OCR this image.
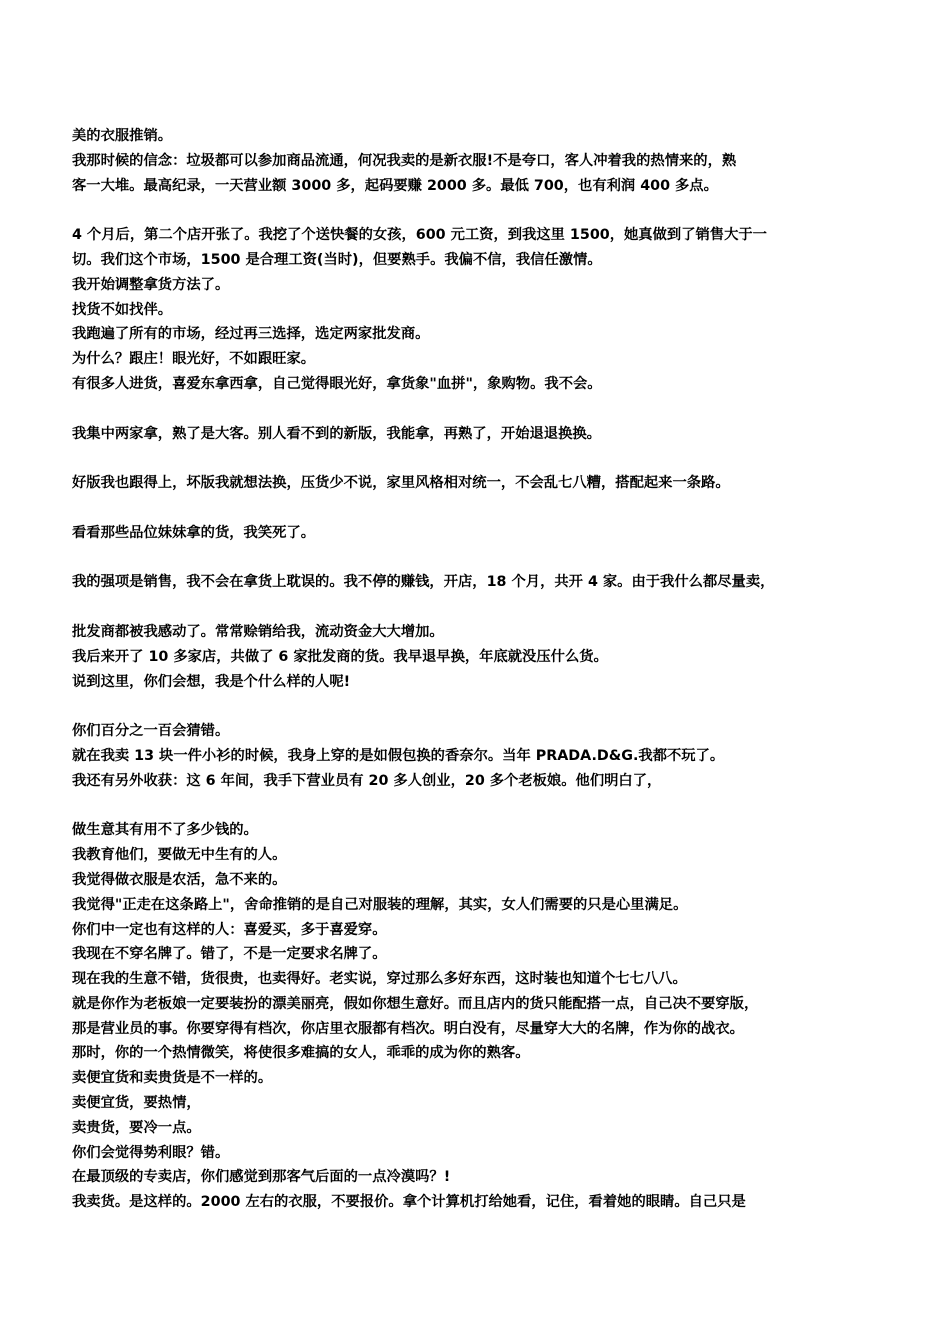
美的衣服推销。
我那时候的信念：垃圾都可以参加商品流通，何况我卖的是新衣服!不是夸口，客人冲着我的热情来的，熟
客一大堆。最高纪录，一天营业额 3000 多，起码要赚 2000 多。最低 700，也有利润 400 多点。
4 个月后，第二个店开张了。我挖了个送快餐的女孩，600 元工资，到我这里 1500，她真做到了销售大于一
切。我们这个市场，1500 是合理工资(当时)，但要熟手。我偏不信，我信任激情。
我开始调整拿货方法了。
找货不如找伴。
我跑遍了所有的市场，经过再三选择，选定两家批发商。
为什么？跟庄！眼光好，不如跟旺家。
有很多人进货，喜爱东拿西拿，自己觉得眼光好，拿货象"血拼"，象购物。我不会。
我集中两家拿，熟了是大客。别人看不到的新版，我能拿，再熟了，开始退退换换。
好版我也跟得上，坏版我就想法换，压货少不说，家里风格相对统一，不会乱七八糟，搭配起来一条路。
看看那些品位妹妹拿的货，我笑死了。
我的强项是销售，我不会在拿货上耽误的。我不停的赚钱，开店，18 个月，共开 4 家。由于我什么都尽量卖，
批发商都被我感动了。常常赊销给我，流动资金大大增加。
我后来开了 10 多家店，共做了 6 家批发商的货。我早退早换，年底就没压什么货。
说到这里，你们会想，我是个什么样的人呢!
你们百分之一百会猜错。
就在我卖 13 块一件小衫的时候，我身上穿的是如假包换的香奈尔。当年 PRADA.D&G.我都不玩了。
我还有另外收获：这 6 年间，我手下营业员有 20 多人创业，20 多个老板娘。他们明白了，
做生意其有用不了多少钱的。
我教育他们，要做无中生有的人。
我觉得做衣服是农活，急不来的。
我觉得"正走在这条路上"，舍命推销的是自己对服装的理解，其实，女人们需要的只是心里满足。
你们中一定也有这样的人：喜爱买，多于喜爱穿。
我现在不穿名牌了。错了，不是一定要求名牌了。
现在我的生意不错，货很贵，也卖得好。老实说，穿过那么多好东西，这时装也知道个七七八八。
就是你作为老板娘一定要装扮的漂美丽亮，假如你想生意好。而且店内的货只能配搭一点，自己决不要穿版，
那是营业员的事。你要穿得有档次，你店里衣服都有档次。明白没有，尽量穿大大的名牌，作为你的战衣。
那时，你的一个热情微笑，将使很多难搞的女人，乖乖的成为你的熟客。
卖便宜货和卖贵货是不一样的。
卖便宜货，要热情，
卖贵货，要冷一点。
你们会觉得势利眼？错。
在最顶级的专卖店，你们感觉到那客气后面的一点冷漠吗？!
我卖货。是这样的。2000 左右的衣服，不要报价。拿个计算机打给她看，记住，看着她的眼睛。自己只是
